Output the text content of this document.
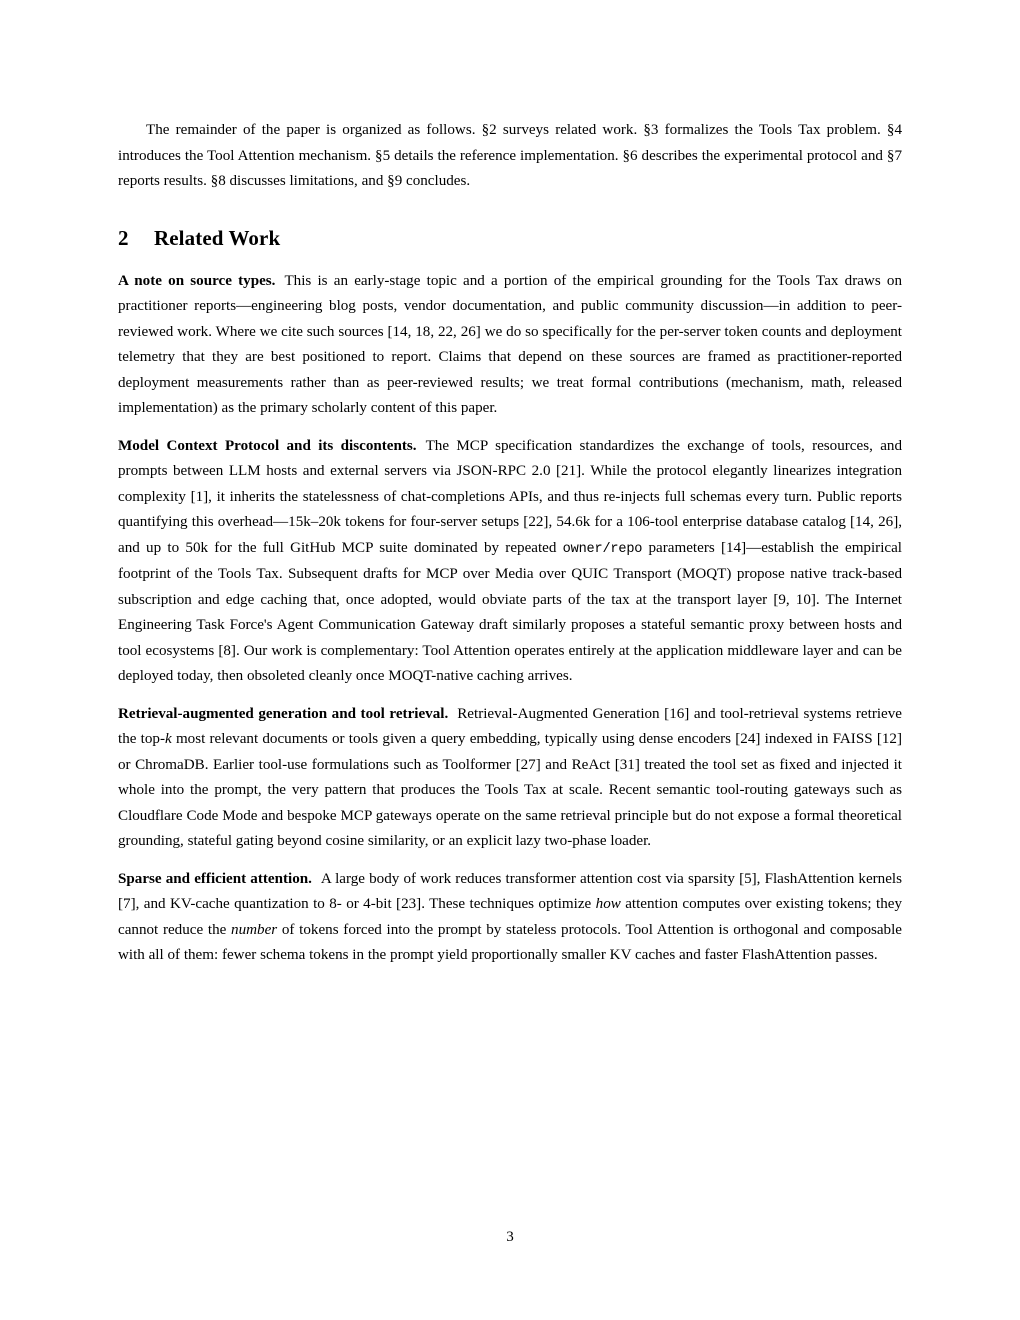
The remainder of the paper is organized as follows. §2 surveys related work. §3 formalizes the Tools Tax problem. §4 introduces the Tool Attention mechanism. §5 details the reference implementation. §6 describes the experimental protocol and §7 reports results. §8 discusses limitations, and §9 concludes.

2 Related Work

A note on source types. This is an early-stage topic and a portion of the empirical grounding for the Tools Tax draws on practitioner reports—engineering blog posts, vendor documentation, and public community discussion—in addition to peer-reviewed work. Where we cite such sources [14, 18, 22, 26] we do so specifically for the per-server token counts and deployment telemetry that they are best positioned to report. Claims that depend on these sources are framed as practitioner-reported deployment measurements rather than as peer-reviewed results; we treat formal contributions (mechanism, math, released implementation) as the primary scholarly content of this paper.

Model Context Protocol and its discontents. The MCP specification standardizes the exchange of tools, resources, and prompts between LLM hosts and external servers via JSON-RPC 2.0 [21]. While the protocol elegantly linearizes integration complexity [1], it inherits the statelessness of chat-completions APIs, and thus re-injects full schemas every turn. Public reports quantifying this overhead—15k–20k tokens for four-server setups [22], 54.6k for a 106-tool enterprise database catalog [14, 26], and up to 50k for the full GitHub MCP suite dominated by repeated owner/repo parameters [14]—establish the empirical footprint of the Tools Tax. Subsequent drafts for MCP over Media over QUIC Transport (MOQT) propose native track-based subscription and edge caching that, once adopted, would obviate parts of the tax at the transport layer [9, 10]. The Internet Engineering Task Force's Agent Communication Gateway draft similarly proposes a stateful semantic proxy between hosts and tool ecosystems [8]. Our work is complementary: Tool Attention operates entirely at the application middleware layer and can be deployed today, then obsoleted cleanly once MOQT-native caching arrives.

Retrieval-augmented generation and tool retrieval. Retrieval-Augmented Generation [16] and tool-retrieval systems retrieve the top-k most relevant documents or tools given a query embedding, typically using dense encoders [24] indexed in FAISS [12] or ChromaDB. Earlier tool-use formulations such as Toolformer [27] and ReAct [31] treated the tool set as fixed and injected it whole into the prompt, the very pattern that produces the Tools Tax at scale. Recent semantic tool-routing gateways such as Cloudflare Code Mode and bespoke MCP gateways operate on the same retrieval principle but do not expose a formal theoretical grounding, stateful gating beyond cosine similarity, or an explicit lazy two-phase loader.

Sparse and efficient attention. A large body of work reduces transformer attention cost via sparsity [5], FlashAttention kernels [7], and KV-cache quantization to 8- or 4-bit [23]. These techniques optimize how attention computes over existing tokens; they cannot reduce the number of tokens forced into the prompt by stateless protocols. Tool Attention is orthogonal and composable with all of them: fewer schema tokens in the prompt yield proportionally smaller KV caches and faster FlashAttention passes.

3
